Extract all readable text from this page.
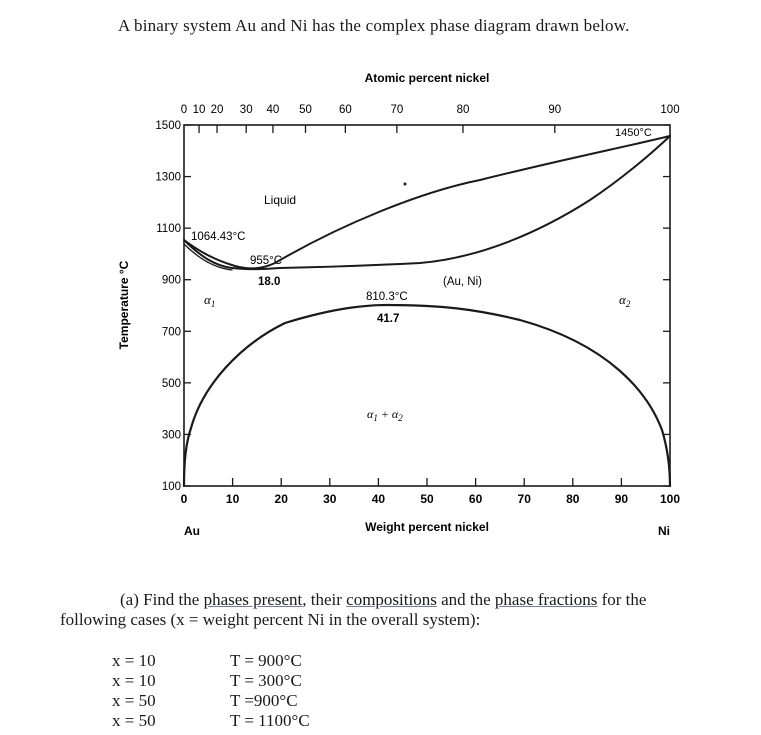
A binary system Au and Ni has the complex phase diagram drawn below.
0	10	20	30	40	50	60	70	80	90	100
0 10 20 30 40 50 60	70	80	90	100
1500
1300
1100
900
700
500
300
100
Atomic percent nickel
Weight percent nickel
Temperature °C
Au	Ni
Liquid
1064.43°C
955°C
18.0
1450°C
(Au, Ni)
810.3°C
41.7
$\alpha_1$	$\alpha_2$
$\alpha_1 + \alpha_2$
(a) Find the phases present, their compositions and the phase fractions for the
following cases (x = weight percent Ni in the overall system):
x = 10	T = 900°C
x = 10	T = 300°C
x = 50	T =900°C
x = 50	T = 1100°C
